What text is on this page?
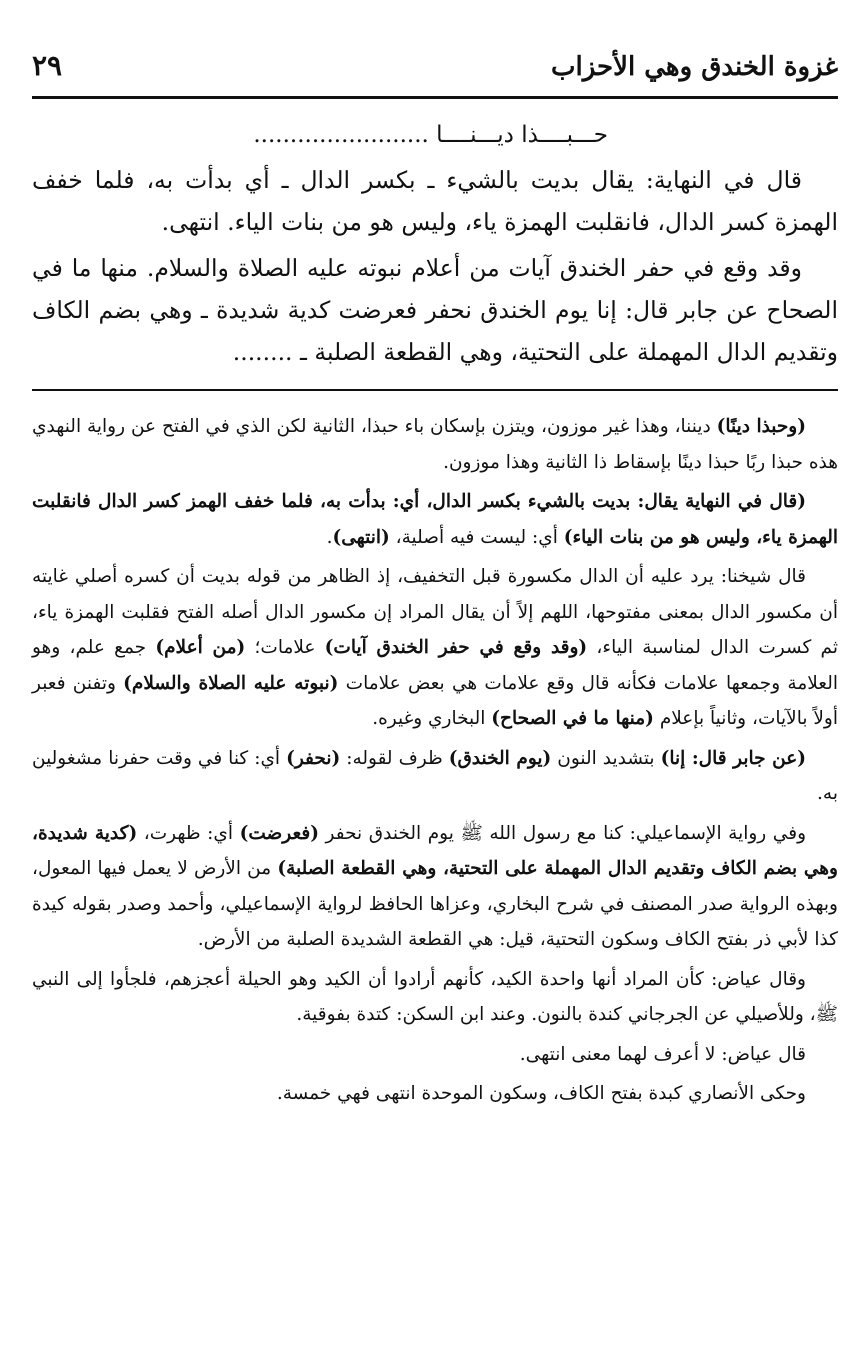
غزوة الخندق وهي الأحزاب
٢٩
حـــبــــذا ديـــنــــا ........................

قال في النهاية: يقال بديت بالشيء ـ بكسر الدال ـ أي بدأت به، فلما خفف الهمزة كسر الدال، فانقلبت الهمزة ياء، وليس هو من بنات الياء. انتهى.

وقد وقع في حفر الخندق آيات من أعلام نبوته عليه الصلاة والسلام. منها ما في الصحاح عن جابر قال: إنا يوم الخندق نحفر فعرضت كدية شديدة ـ وهي بضم الكاف وتقديم الدال المهملة على التحتية، وهي القطعة الصلبة ـ ........

(وحبذا دينًا) ديننا، وهذا غير موزون، ويتزن بإسكان باء حبذا، الثانية لكن الذي في الفتح عن رواية النهدي هذه حبذا ربًا حبذا دينًا بإسقاط ذا الثانية وهذا موزون.

(قال في النهاية يقال: بديت بالشيء بكسر الدال، أي: بدأت به، فلما خفف الهمز كسر الدال فانقلبت الهمزة ياء، وليس هو من بنات الياء) أي: ليست فيه أصلية، (انتهى).

قال شيخنا: يرد عليه أن الدال مكسورة قبل التخفيف، إذ الظاهر من قوله بديت أن كسره أصلي غايته أن مكسور الدال بمعنى مفتوحها، اللهم إلاً أن يقال المراد إن مكسور الدال أصله الفتح فقلبت الهمزة ياء، ثم كسرت الدال لمناسبة الياء، (وقد وقع في حفر الخندق آيات) علامات؛ (من أعلام) جمع علم، وهو العلامة وجمعها علامات فكأنه قال وقع علامات هي بعض علامات (نبوته عليه الصلاة والسلام) وتفنن فعبر أولاً بالآيات، وثانياً بإعلام (منها ما في الصحاح) البخاري وغيره.

(عن جابر قال: إنا) بتشديد النون (يوم الخندق) ظرف لقوله: (نحفر) أي: كنا في وقت حفرنا مشغولين به.

وفي رواية الإسماعيلي: كنا مع رسول الله ﷺ يوم الخندق نحفر (فعرضت) أي: ظهرت، (كدية شديدة، وهي بضم الكاف وتقديم الدال المهملة على التحتية، وهي القطعة الصلبة) من الأرض لا يعمل فيها المعول، وبهذه الرواية صدر المصنف في شرح البخاري، وعزاها الحافظ لرواية الإسماعيلي، وأحمد وصدر بقوله كيدة كذا لأبي ذر بفتح الكاف وسكون التحتية، قيل: هي القطعة الشديدة الصلبة من الأرض.

وقال عياض: كأن المراد أنها واحدة الكيد، كأنهم أرادوا أن الكيد وهو الحيلة أعجزهم، فلجأوا إلى النبي ﷺ، وللأصيلي عن الجرجاني كندة بالنون. وعند ابن السكن: كتدة بفوقية.

قال عياض: لا أعرف لهما معنى انتهى.

وحكى الأنصاري كبدة بفتح الكاف، وسكون الموحدة انتهى فهي خمسة.
